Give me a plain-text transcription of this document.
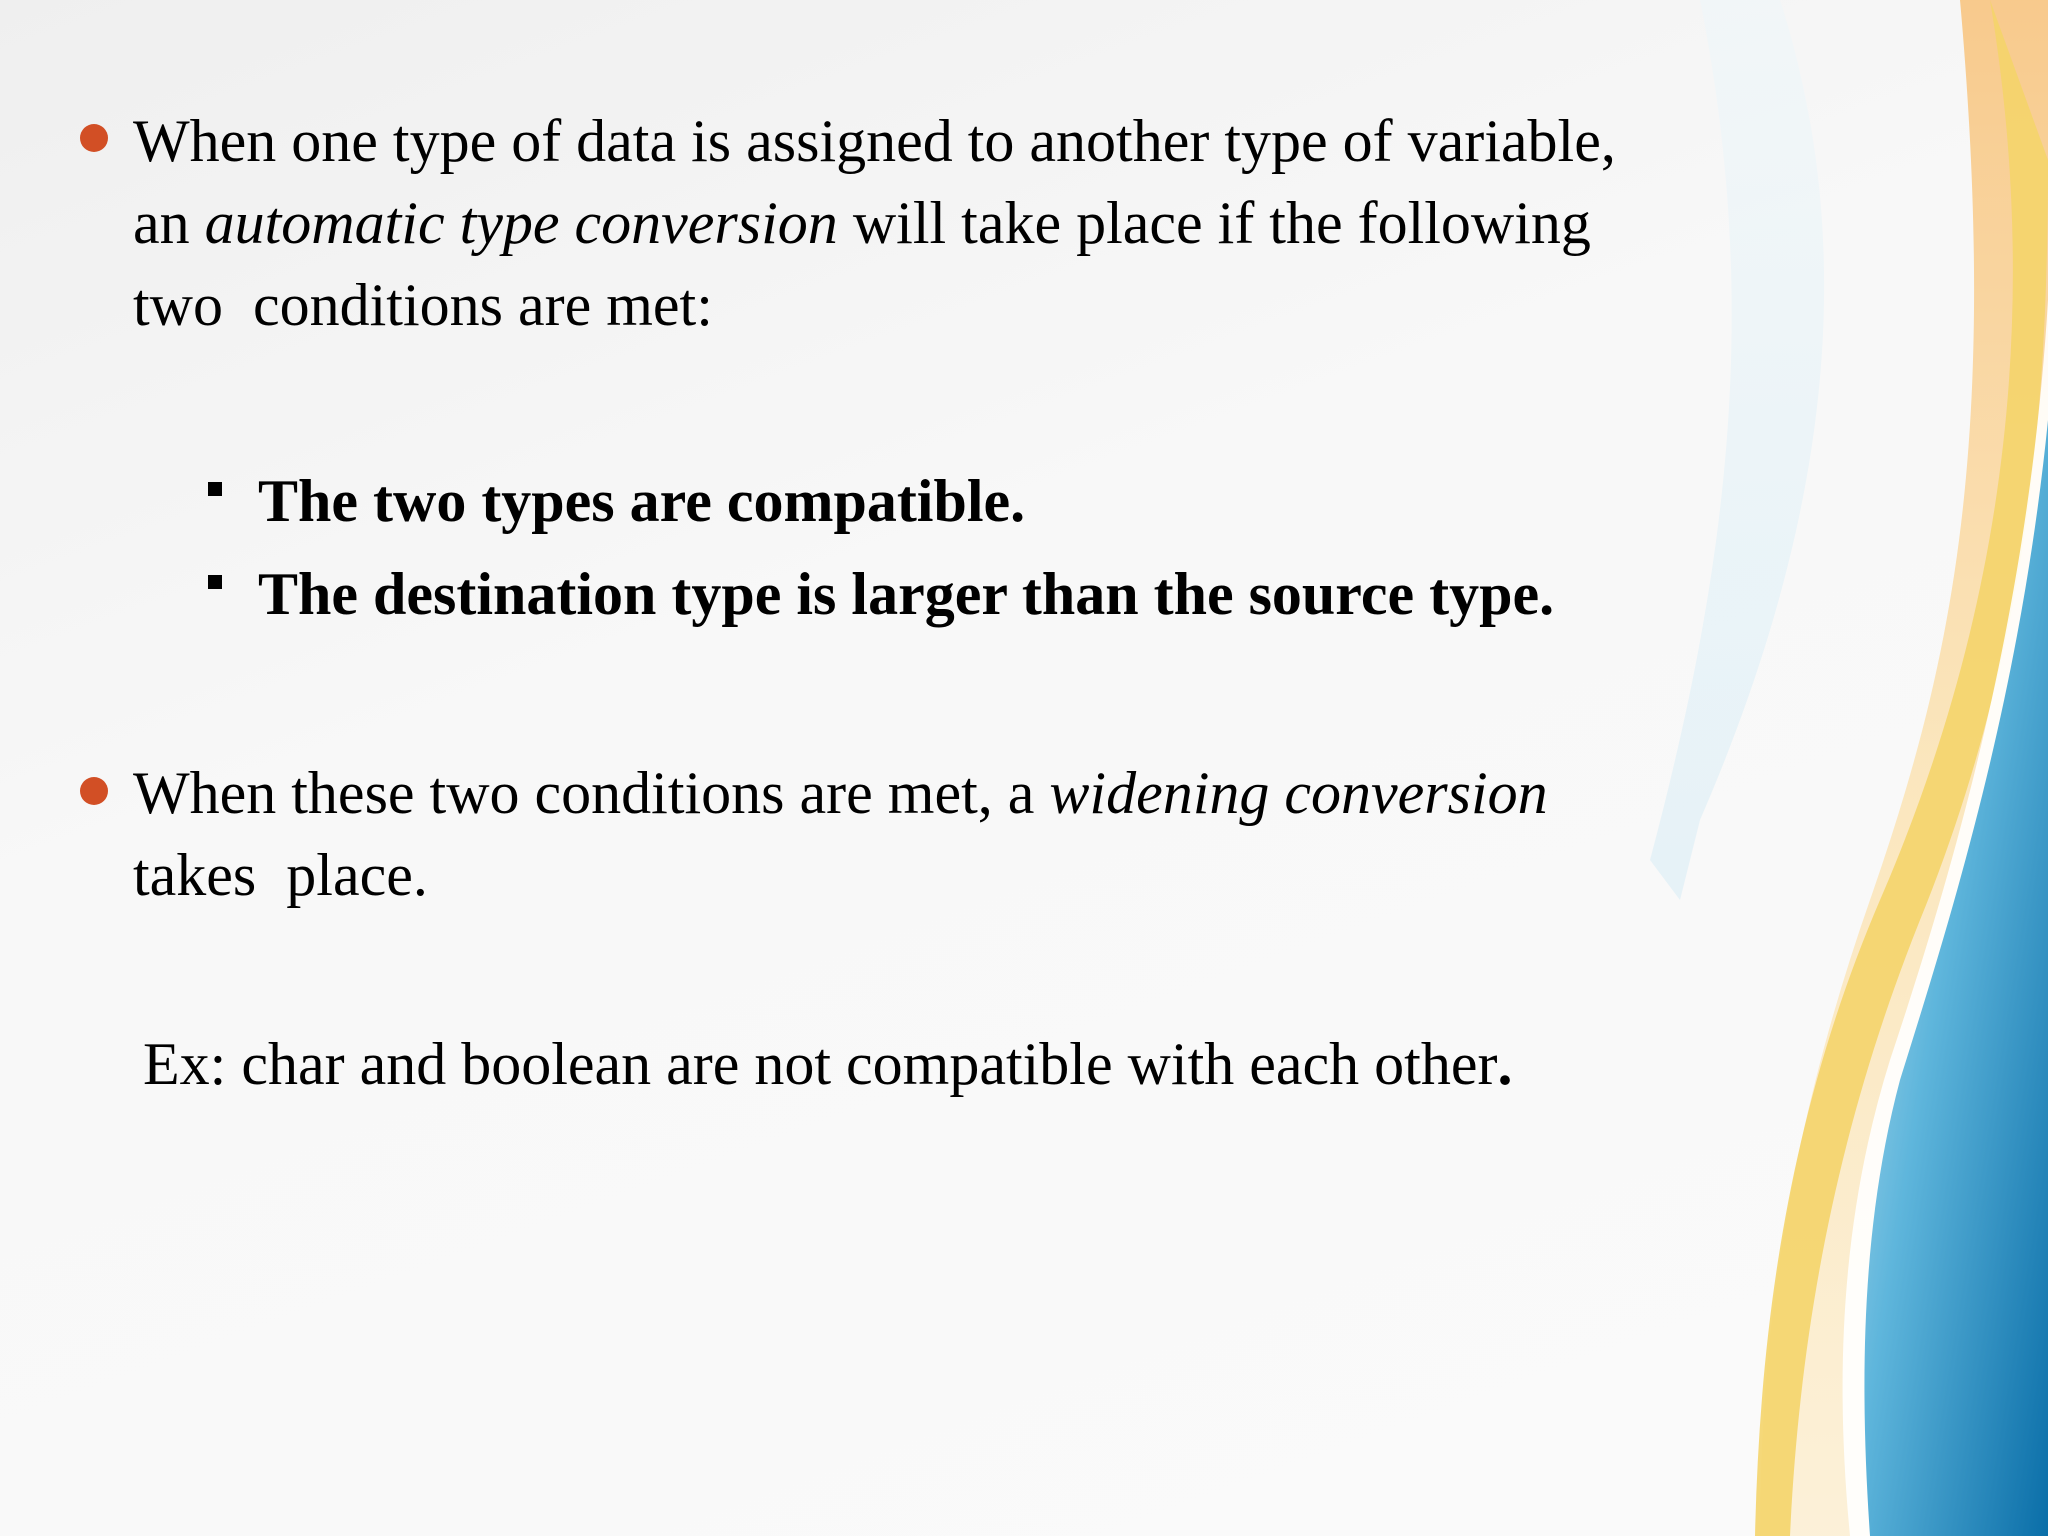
When one type of data is assigned to another type of variable,
an automatic type conversion will take place if the following
two  conditions are met:
The two types are compatible.
The destination type is larger than the source type.
When these two conditions are met, a widening conversion
takes  place.
Ex: char and boolean are not compatible with each other.
